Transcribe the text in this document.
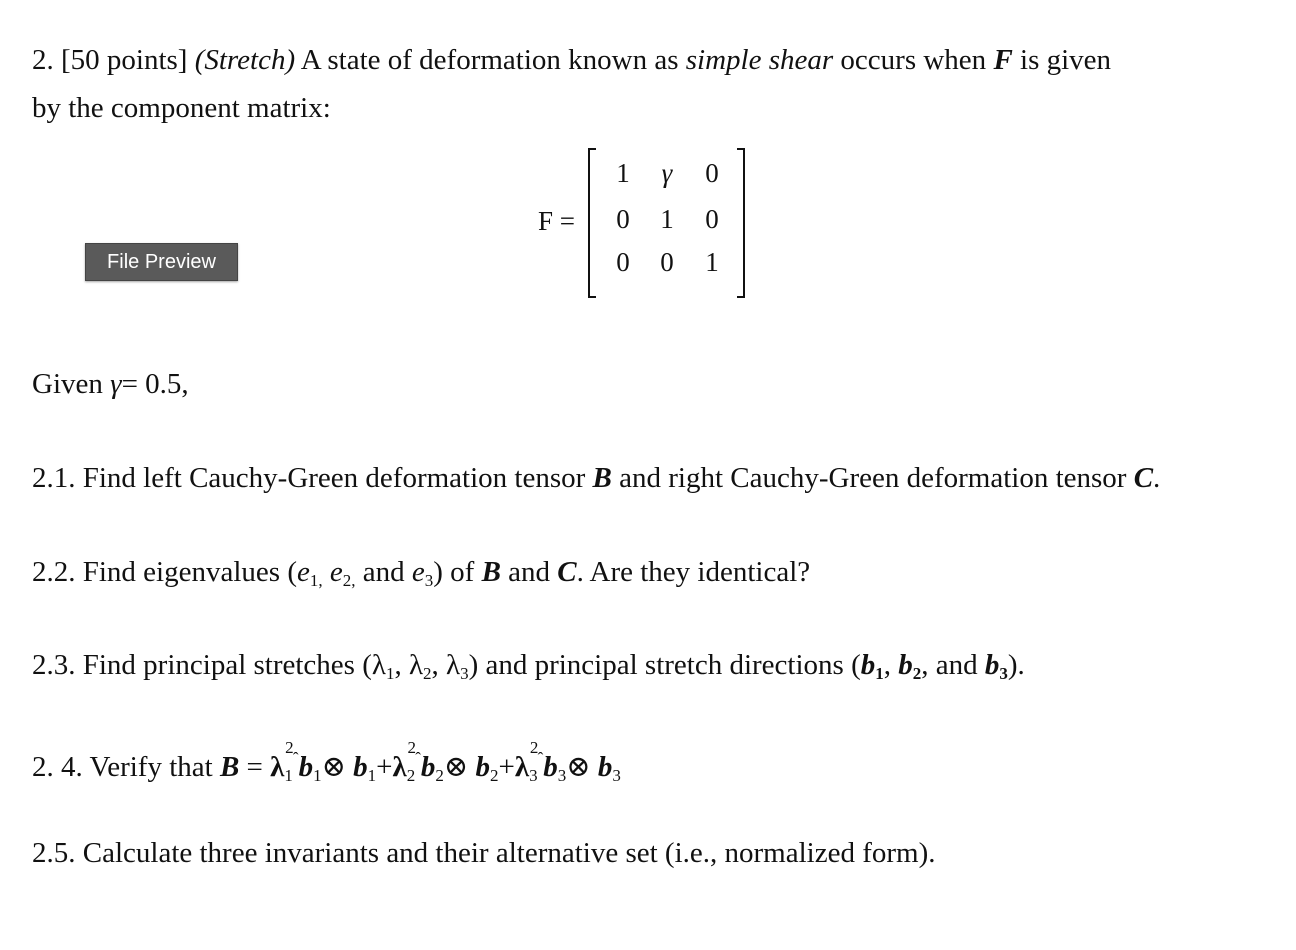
2. [50 points] (Stretch) A state of deformation known as simple shear occurs when F is given
by the component matrix:
File Preview
F =
1	γ	0
0	1	0
0	0	1
Given γ= 0.5,
2.1. Find left Cauchy-Green deformation tensor B and right Cauchy-Green deformation tensor C.
2.2. Find eigenvalues ($e_{1,}$ $e_{2,}$ and $e_3$) of B and C. Are they identical?
2.3. Find principal stretches ($\lambda_1$, $\lambda_2$, $\lambda_3$) and principal stretch directions ($b_1$, $b_2$, and $b_3$).
2. 4. Verify that B = λ
2
$_1^ˆb_1\otimes$ $b_1+\lambda$
2
$_2^ˆb_2\otimes$ $b_2+\lambda$
2
$_3^ˆb_3\otimes$ $b_3$
2.5. Calculate three invariants and their alternative set (i.e., normalized form).
